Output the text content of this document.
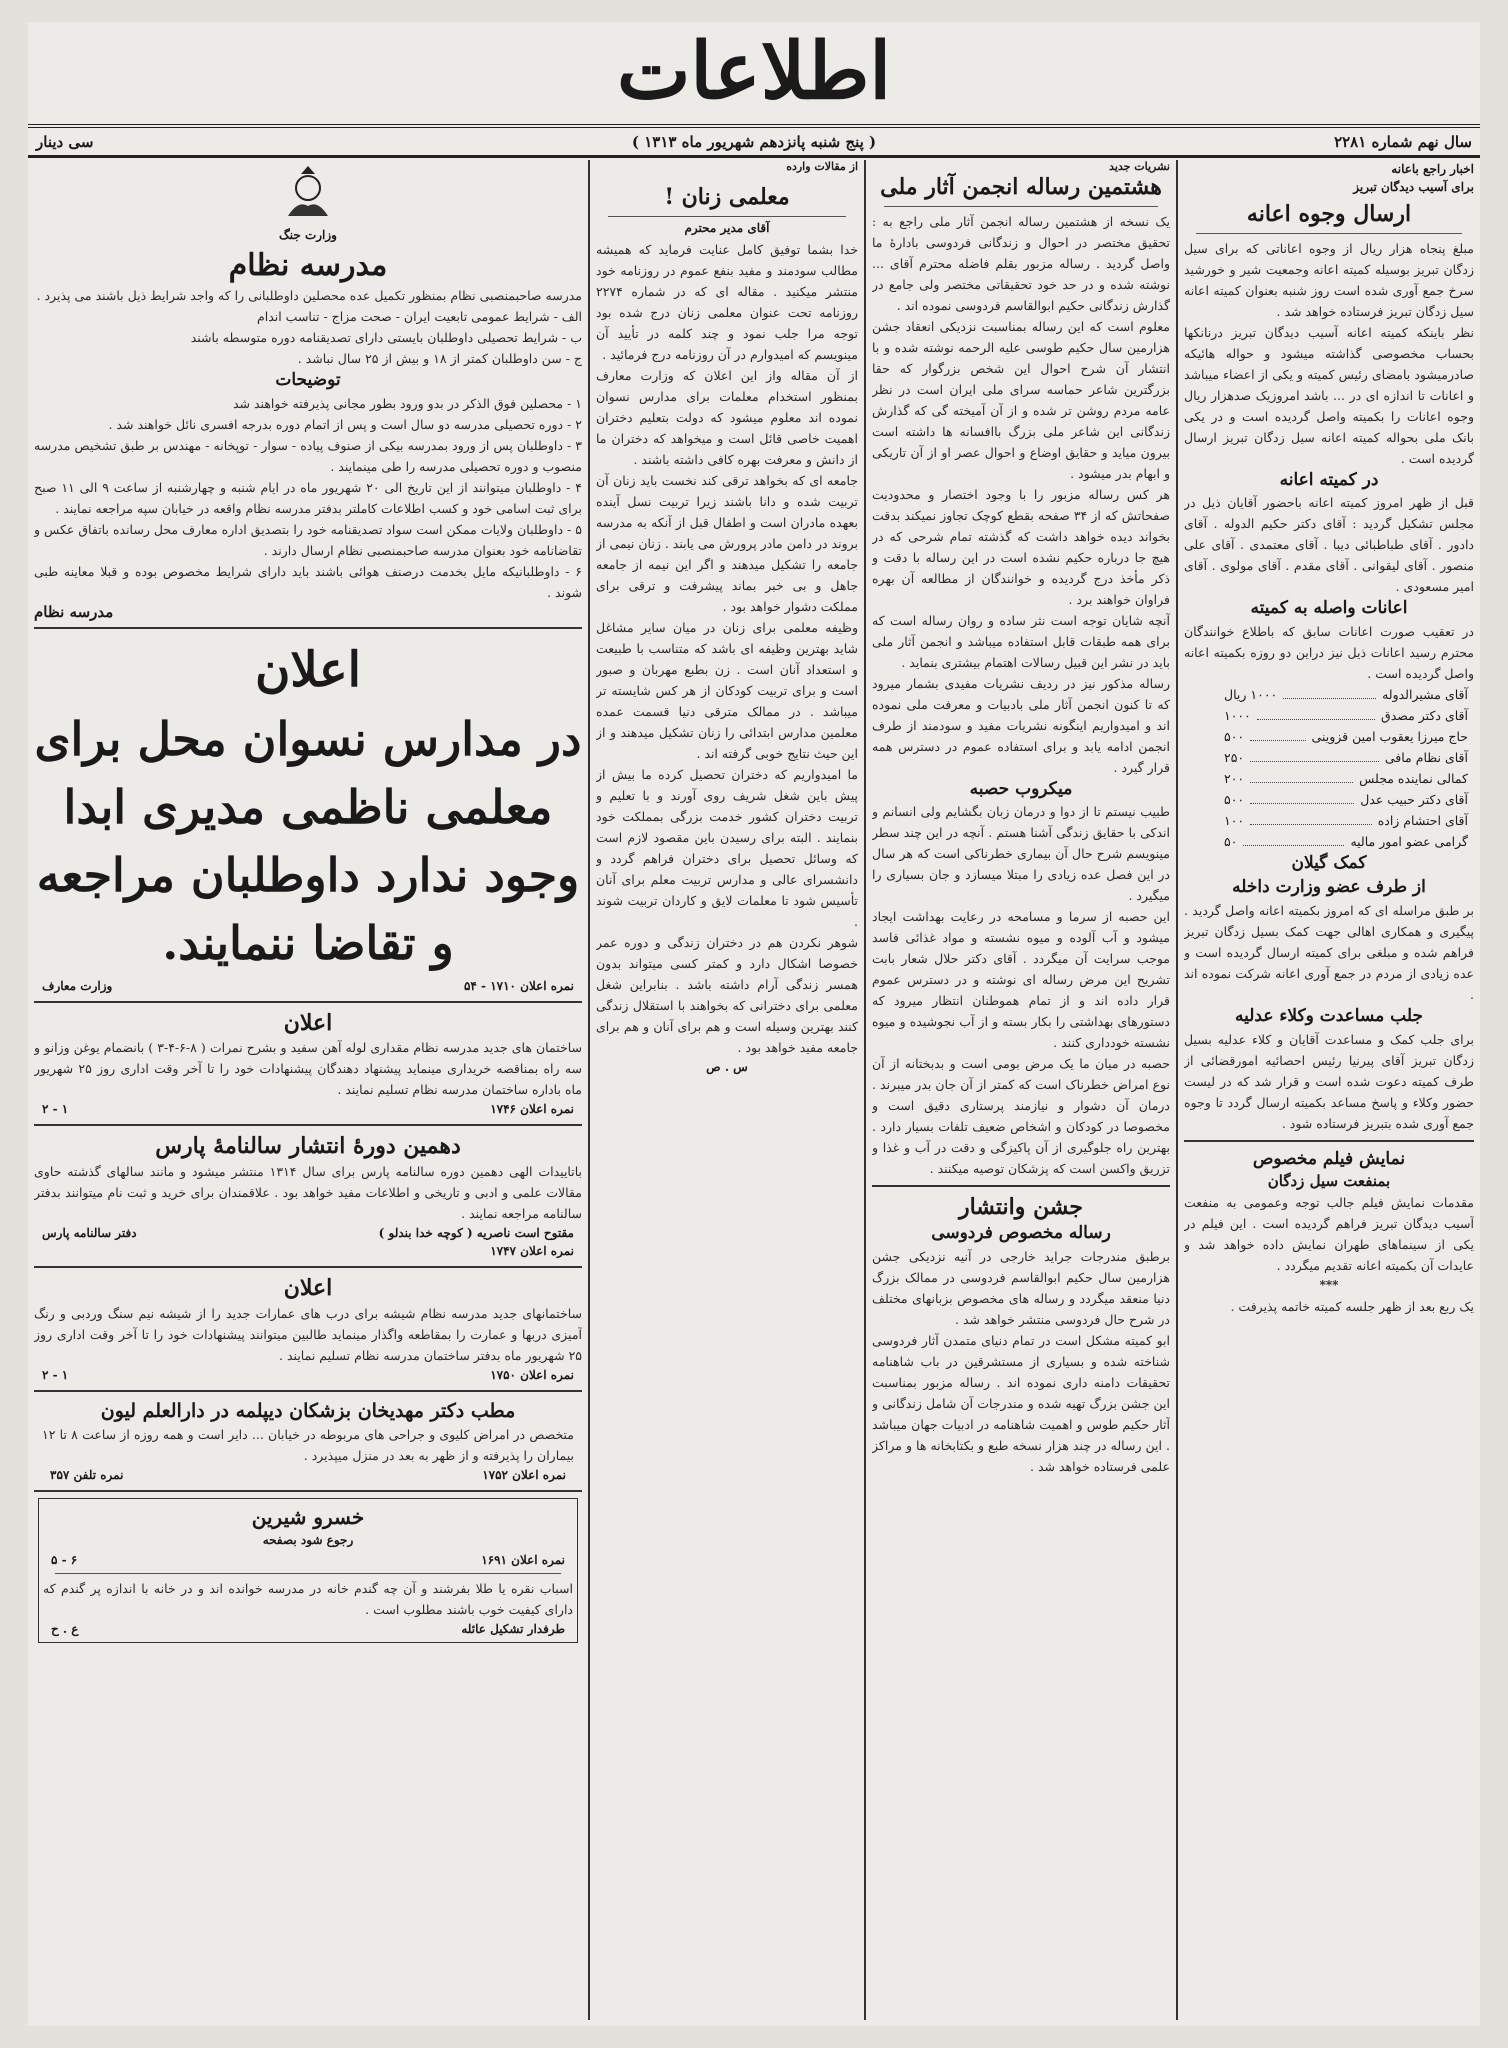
اطلاعات
سال نهم شماره ۲۲۸۱
( پنج شنبه پانزدهم شهریور ماه ۱۳۱۳ )
سی دینار
اخبار راجع باعانه
برای آسیب دیدگان تبریز
ارسال وجوه اعانه

مبلغ پنجاه هزار ریال از وجوه اعاناتی که برای سیل زدگان تبریز بوسیله کمیته اعانه وجمعیت شیر و خورشید سرخ جمع آوری شده است روز شنبه بعنوان کمیته اعانه سیل زدگان تبریز فرستاده خواهد شد .

نظر باینکه کمیته اعانه آسیب دیدگان تبریز درنانکها بحساب مخصوصی گذاشته میشود و حواله هائیکه صادرمیشود بامضای رئیس کمیته و یکی از اعضاء میباشد و اعانات تا اندازه ای در ... باشد امروزیک صدهزار ریال وجوه اعانات را بکمیته واصل گردیده است و در یکی بانک ملی بحواله کمیته اعانه سیل زدگان تبریز ارسال گردیده است .

در کمیته اعانه

قبل از ظهر امروز کمیته اعانه باحضور آقایان ذیل در مجلس تشکیل گردید : آقای دکتر حکیم الدوله . آقای دادور . آقای طباطبائی دیبا . آقای معتمدی . آقای علی منصور . آقای لیقوانی . آقای مقدم . آقای مولوی . آقای امیر مسعودی .

اعانات واصله به کمیته

در تعقیب صورت اعانات سابق که باطلاع خوانندگان محترم رسید اعانات ذیل نیز دراین دو روزه بکمیته اعانه واصل گردیده است .

آقای مشیرالدوله
۱۰۰۰ ریال
آقای دکتر مصدق
۱۰۰۰
حاج میرزا یعقوب امین قزوینی
۵۰۰
آقای نظام مافی
۲۵۰
کمالی نماینده مجلس
۲۰۰
آقای دکتر حبیب عدل
۵۰۰
آقای احتشام زاده
۱۰۰
گرامی عضو امور مالیه
۵۰
کمک گیلان
از طرف عضو وزارت داخله

بر طبق مراسله ای که امروز بکمیته اعانه واصل گردید . پیگیری و همکاری اهالی جهت کمک بسیل زدگان تبریز فراهم شده و مبلغی برای کمیته ارسال گردیده است و عده زیادی از مردم در جمع آوری اعانه شرکت نموده اند .

جلب مساعدت وکلاء عدلیه

برای جلب کمک و مساعدت آقایان و کلاء عدلیه بسیل زدگان تبریز آقای پیرنیا رئیس احصائیه امورقضائی از طرف کمیته دعوت شده است و قرار شد که در لیست حضور وکلاء و پاسخ مساعد بکمیته ارسال گردد تا وجوه جمع آوری شده بتبریز فرستاده شود .

نمایش فیلم مخصوص
بمنفعت سیل زدگان

مقدمات نمایش فیلم جالب توجه وعمومی به منفعت آسیب دیدگان تبریز فراهم گردیده است . این فیلم در یکی از سینماهای طهران نمایش داده خواهد شد و عایدات آن بکمیته اعانه تقدیم میگردد .

***

یک ربع بعد از ظهر جلسه کمیته خاتمه پذیرفت .

نشریات جدید
هشتمین رساله انجمن آثار ملی

یک نسخه از هشتمین رساله انجمن آثار ملی راجع به : تحقیق مختصر در احوال و زندگانی فردوسی بادارهٔ ما واصل گردید . رساله مزبور بقلم فاضله محترم آقای ... نوشته شده و در حد خود تحقیقاتی مختصر ولی جامع در گذارش زندگانی حکیم ابوالقاسم فردوسی نموده اند .

معلوم است که این رساله بمناسبت نزدیکی انعقاد جشن هزارمین سال حکیم طوسی علیه الرحمه نوشته شده و با انتشار آن شرح احوال این شخص بزرگوار که حقا بزرگترین شاعر حماسه سرای ملی ایران است در نظر عامه مردم روشن تر شده و از آن آمیخته گی که گذارش زندگانی این شاعر ملی بزرگ باافسانه ها داشته است بیرون میاید و حقایق اوضاع و احوال عصر او از آن تاریکی و ابهام بدر میشود .

هر کس رساله مزبور را با وجود اختصار و محدودیت صفحاتش که از ۳۴ صفحه بقطع کوچک تجاوز نمیکند بدقت بخواند دیده خواهد داشت که گذشته تمام شرحی که در هیچ جا درباره حکیم نشده است در این رساله با دقت و ذکر مأخذ درج گردیده و خوانندگان از مطالعه آن بهره فراوان خواهند برد .

آنچه شایان توجه است نثر ساده و روان رساله است که برای همه طبقات قابل استفاده میباشد و انجمن آثار ملی باید در نشر این قبیل رسالات اهتمام بیشتری بنماید .

رساله مذکور نیز در ردیف نشریات مفیدی بشمار میرود که تا کنون انجمن آثار ملی بادبیات و معرفت ملی نموده اند و امیدواریم اینگونه نشریات مفید و سودمند از طرف انجمن ادامه یابد و برای استفاده عموم در دسترس همه قرار گیرد .

میکروب حصبه

طبیب نیستم تا از دوا و درمان زبان بگشایم ولی انسانم و اندکی با حقایق زندگی آشنا هستم . آنچه در این چند سطر مینویسم شرح حال آن بیماری خطرناکی است که هر سال در این فصل عده زیادی را مبتلا میسازد و جان بسیاری را میگیرد .

این حصبه از سرما و مسامحه در رعایت بهداشت ایجاد میشود و آب آلوده و میوه نشسته و مواد غذائی فاسد موجب سرایت آن میگردد . آقای دکتر حلال شعار بابت تشریح این مرض رساله ای نوشته و در دسترس عموم قرار داده اند و از تمام هموطنان انتظار میرود که دستورهای بهداشتی را بکار بسته و از آب نجوشیده و میوه نشسته خودداری کنند .

حصبه در میان ما یک مرض بومی است و بدبختانه از آن نوع امراض خطرناک است که کمتر از آن جان بدر میبرند . درمان آن دشوار و نیازمند پرستاری دقیق است و مخصوصا در کودکان و اشخاص ضعیف تلفات بسیار دارد . بهترین راه جلوگیری از آن پاکیزگی و دقت در آب و غذا و تزریق واکسن است که پزشکان توصیه میکنند .

جشن وانتشار
رساله مخصوص فردوسی

برطبق مندرجات جراید خارجی در آنیه نزدیکی جشن هزارمین سال حکیم ابوالقاسم فردوسی در ممالک بزرگ دنیا منعقد میگردد و رساله های مخصوص بزبانهای مختلف در شرح حال فردوسی منتشر خواهد شد .

ابو کمیته مشکل است در تمام دنیای متمدن آثار فردوسی شناخته شده و بسیاری از مستشرقین در باب شاهنامه تحقیقات دامنه داری نموده اند . رساله مزبور بمناسبت این جشن بزرگ تهیه شده و مندرجات آن شامل زندگانی و آثار حکیم طوس و اهمیت شاهنامه در ادبیات جهان میباشد . این رساله در چند هزار نسخه طبع و بکتابخانه ها و مراکز علمی فرستاده خواهد شد .

از مقالات وارده
معلمی زنان !
آقای مدیر محترم

خدا بشما توفیق کامل عنایت فرماید که همیشه مطالب سودمند و مفید بنفع عموم در روزنامه خود منتشر میکنید . مقاله ای که در شماره ۲۲۷۴ روزنامه تحت عنوان معلمی زنان درج شده بود توجه مرا جلب نمود و چند کلمه در تأیید آن مینویسم که امیدوارم در آن روزنامه درج فرمائید .

از آن مقاله واز این اعلان که وزارت معارف بمنظور استخدام معلمات برای مدارس نسوان نموده اند معلوم میشود که دولت بتعلیم دختران اهمیت خاصی قائل است و میخواهد که دختران ما از دانش و معرفت بهره کافی داشته باشند .

جامعه ای که بخواهد ترقی کند نخست باید زنان آن تربیت شده و دانا باشند زیرا تربیت نسل آینده بعهده مادران است و اطفال قبل از آنکه به مدرسه بروند در دامن مادر پرورش می یابند . زنان نیمی از جامعه را تشکیل میدهند و اگر این نیمه از جامعه جاهل و بی خبر بماند پیشرفت و ترقی برای مملکت دشوار خواهد بود .

وظیفه معلمی برای زنان در میان سایر مشاغل شاید بهترین وظیفه ای باشد که متناسب با طبیعت و استعداد آنان است . زن بطبع مهربان و صبور است و برای تربیت کودکان از هر کس شایسته تر میباشد . در ممالک مترقی دنیا قسمت عمده معلمین مدارس ابتدائی را زنان تشکیل میدهند و از این حیث نتایج خوبی گرفته اند .

ما امیدواریم که دختران تحصیل کرده ما بیش از پیش باین شغل شریف روی آورند و با تعلیم و تربیت دختران کشور خدمت بزرگی بمملکت خود بنمایند . البته برای رسیدن باین مقصود لازم است که وسائل تحصیل برای دختران فراهم گردد و دانشسرای عالی و مدارس تربیت معلم برای آنان تأسیس شود تا معلمات لایق و کاردان تربیت شوند .

شوهر نکردن هم در دختران زندگی و دوره عمر خصوصا اشکال دارد و کمتر کسی میتواند بدون همسر زندگی آرام داشته باشد . بنابراین شغل معلمی برای دخترانی که بخواهند با استقلال زندگی کنند بهترین وسیله است و هم برای آنان و هم برای جامعه مفید خواهد بود .

س . ص
وزارت جنگ
مدرسه نظام

مدرسه صاحبمنصبی نظام بمنظور تکمیل عده محصلین داوطلبانی را که واجد شرایط ذیل باشند می پذیرد .

الف - شرایط عمومی تابعیت ایران - صحت مزاج - تناسب اندام

ب - شرایط تحصیلی داوطلبان بایستی دارای تصدیقنامه دوره متوسطه باشند

ج - سن داوطلبان کمتر از ۱۸ و بیش از ۲۵ سال نباشد .

توضیحات

۱ - محصلین فوق الذکر در بدو ورود بطور مجانی پذیرفته خواهند شد

۲ - دوره تحصیلی مدرسه دو سال است و پس از اتمام دوره بدرجه افسری نائل خواهند شد .

۳ - داوطلبان پس از ورود بمدرسه بیکی از صنوف پیاده - سوار - توپخانه - مهندس بر طبق تشخیص مدرسه منصوب و دوره تحصیلی مدرسه را طی مینمایند .

۴ - داوطلبان میتوانند از این تاریخ الی ۲۰ شهریور ماه در ایام شنبه و چهارشنبه از ساعت ۹ الی ۱۱ صبح برای ثبت اسامی خود و کسب اطلاعات کاملتر بدفتر مدرسه نظام واقعه در خیابان سپه مراجعه نمایند .

۵ - داوطلبان ولایات ممکن است سواد تصدیقنامه خود را بتصدیق اداره معارف محل رسانده باتفاق عکس و تقاضانامه خود بعنوان مدرسه صاحبمنصبی نظام ارسال دارند .

۶ - داوطلبانیکه مایل بخدمت درصنف هوائی باشند باید دارای شرایط مخصوص بوده و قبلا معاینه طبی شوند .

مدرسه نظام
اعلان
در مدارس نسوان محل برای معلمی ناظمی مدیری ابدا وجود ندارد داوطلبان مراجعه و تقاضا ننمایند.
نمره اعلان ۱۷۱۰ - ۵۴
وزارت معارف
اعلان

ساختمان های جدید مدرسه نظام مقداری لوله آهن سفید و بشرح نمرات ( ۸-۶-۴-۳ ) بانضمام یوغن وزانو و سه راه بمناقصه خریداری مینماید پیشنهاد دهندگان پیشنهادات خود را تا آخر وقت اداری روز ۲۵ شهریور ماه باداره ساختمان مدرسه نظام تسلیم نمایند .

نمره اعلان ۱۷۴۶
۱ - ۲
دهمین دورهٔ انتشار سالنامهٔ پارس

باتاییدات الهی دهمین دوره سالنامه پارس برای سال ۱۳۱۴ منتشر میشود و مانند سالهای گذشته حاوی مقالات علمی و ادبی و تاریخی و اطلاعات مفید خواهد بود . علاقمندان برای خرید و ثبت نام میتوانند بدفتر سالنامه مراجعه نمایند .

مقتوح است ناصریه ( کوچه خدا بندلو )
دفتر سالنامه پارس
نمره اعلان ۱۷۴۷
اعلان

ساختمانهای جدید مدرسه نظام شیشه برای درب های عمارات جدید را از شیشه نیم سنگ وردبی و رنگ آمیزی دربها و عمارت را بمقاطعه واگذار مینماید طالبین میتوانند پیشنهادات خود را تا آخر وقت اداری روز ۲۵ شهریور ماه بدفتر ساختمان مدرسه نظام تسلیم نمایند .

نمره اعلان ۱۷۵۰
۱ - ۲
مطب دکتر مهدیخان بزشکان دیپلمه در دارالعلم لیون

متخصص در امراض کلیوی و جراحی های مربوطه در خیابان ... دایر است و همه روزه از ساعت ۸ تا ۱۲ بیماران را پذیرفته و از ظهر به بعد در منزل میپذیرد .

نمره اعلان ۱۷۵۲
نمره تلفن ۳۵۷
خسرو شیرین
رجوع شود بصفحه
نمره اعلان ۱۶۹۱
۶ - ۵

اسباب نقره یا طلا بفرشند و آن چه گندم خانه در مدرسه خوانده اند و در خانه با اندازه پر گندم که دارای کیفیت خوب باشند مطلوب است .

طرفدار تشکیل عائله
ع . ح
